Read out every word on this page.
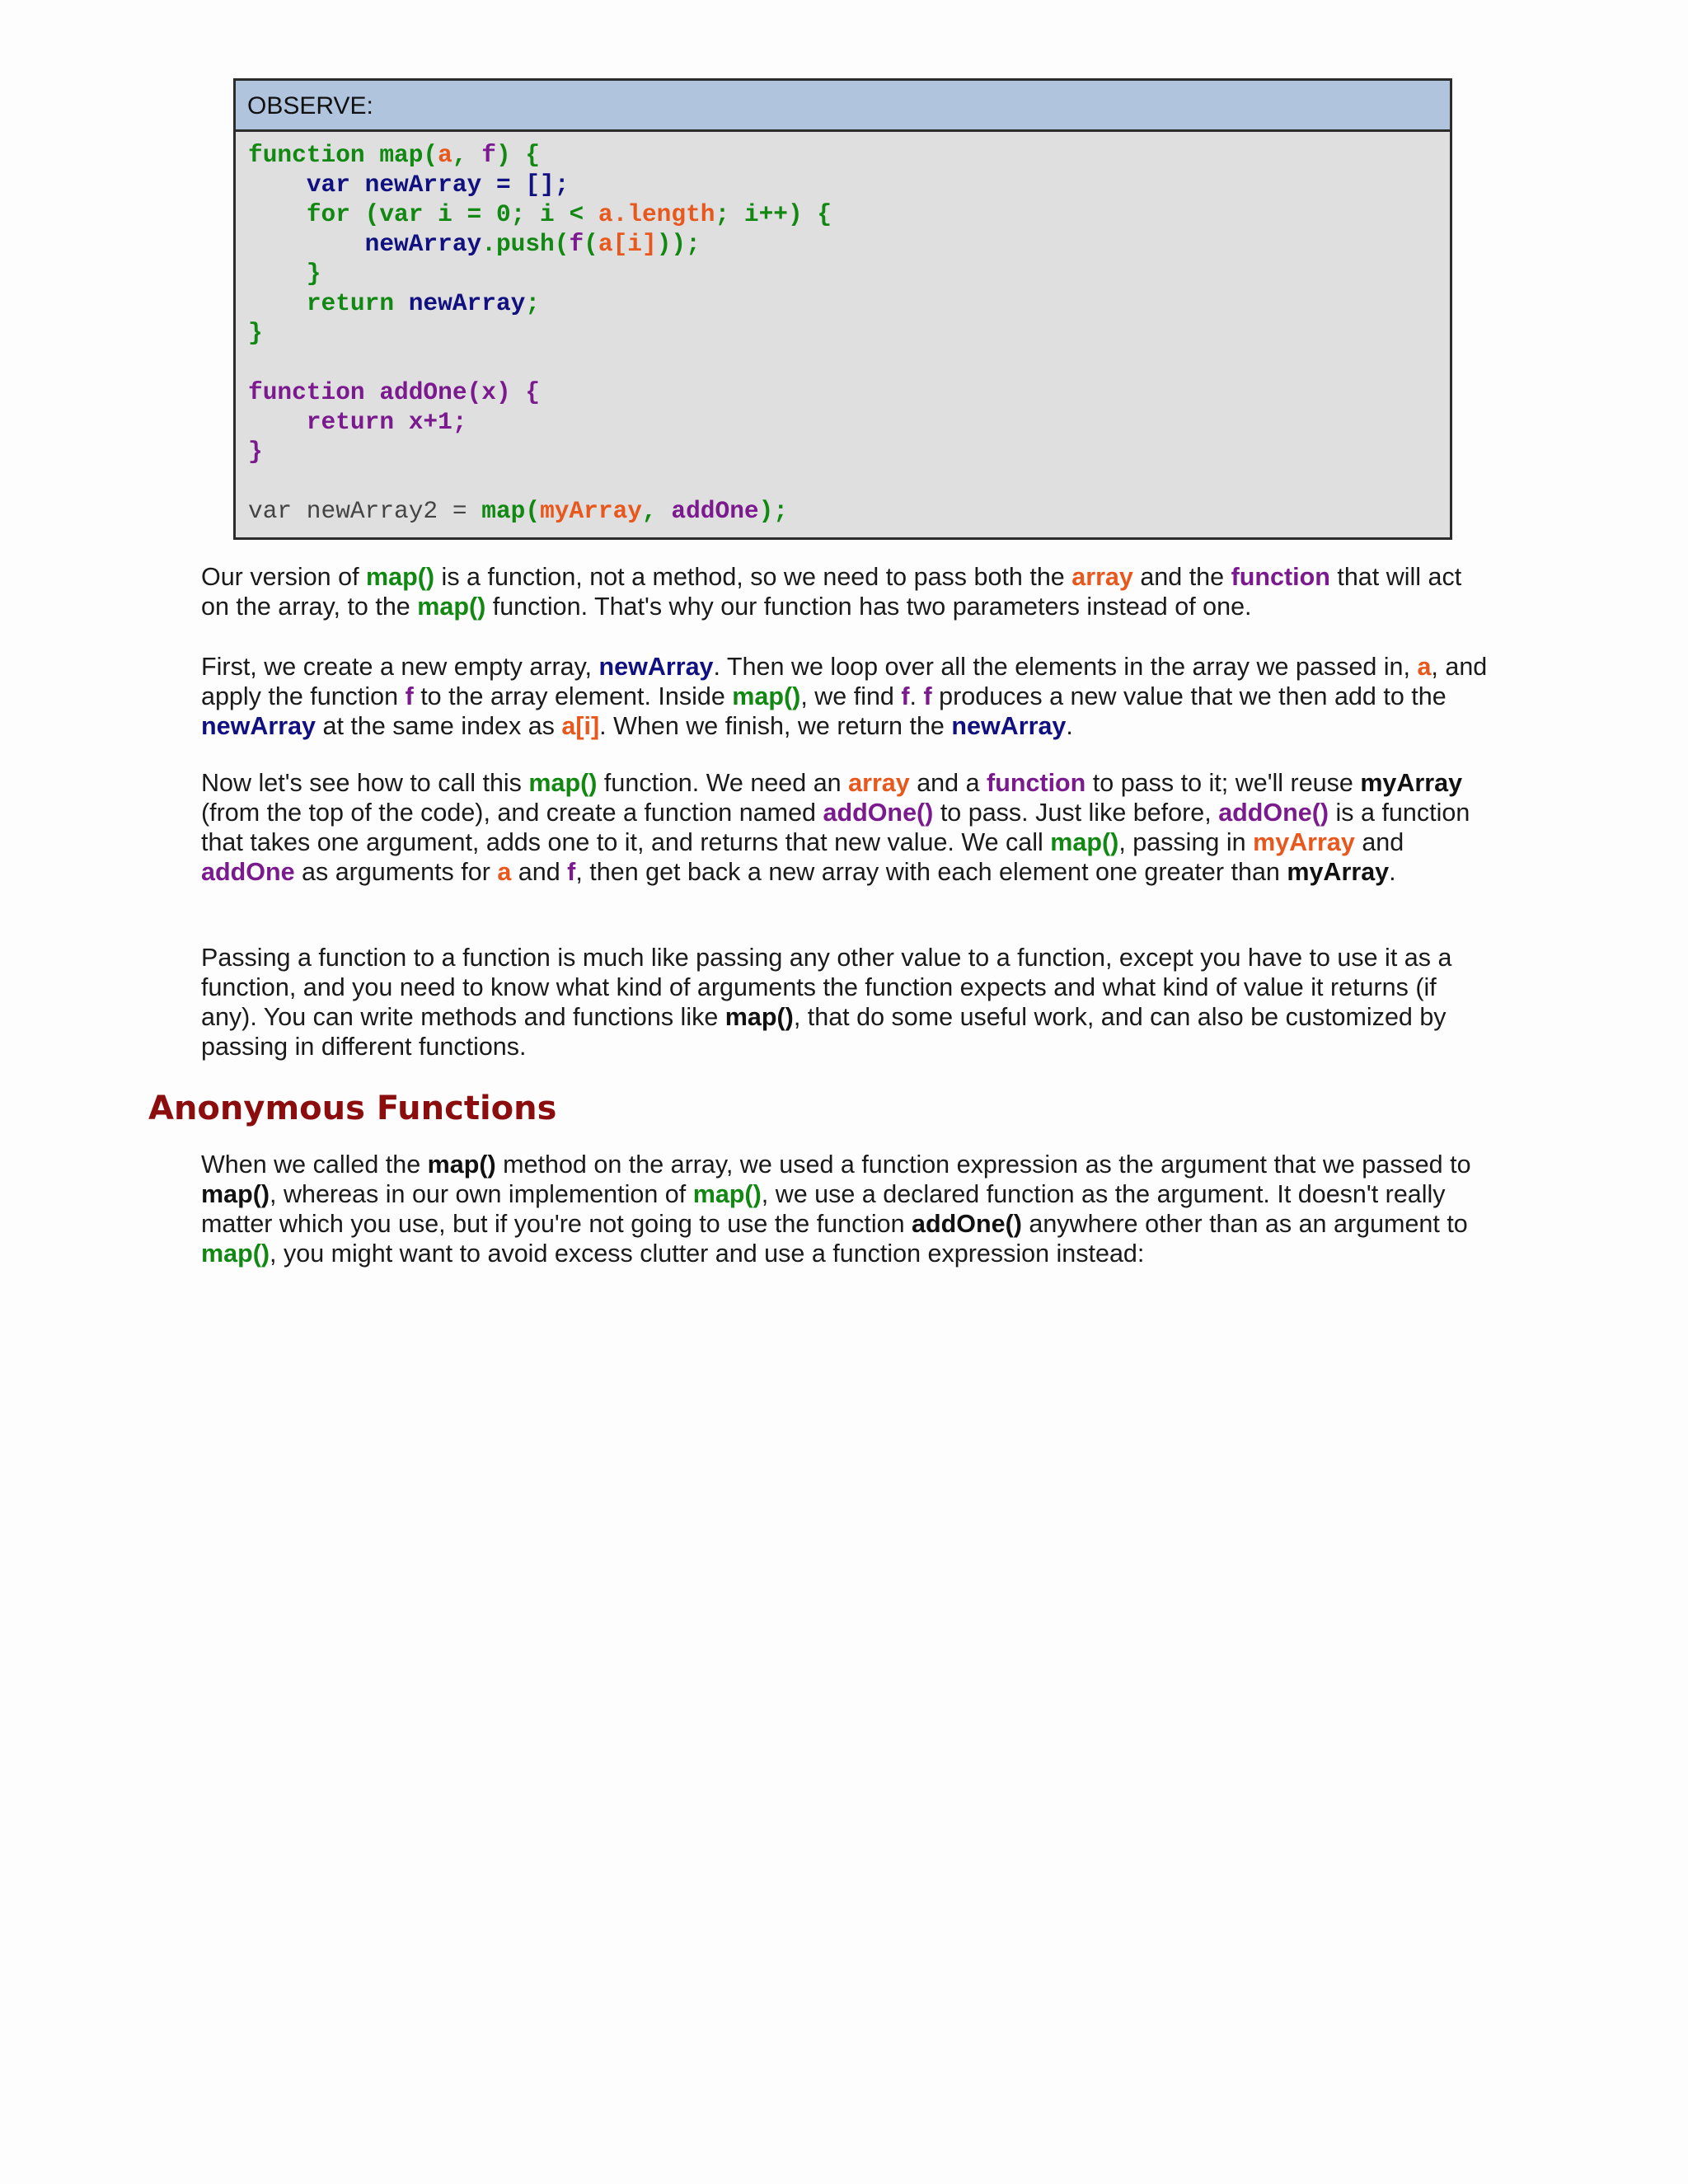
OBSERVE:
function map(a, f) {
var newArray = [];
for (var i = 0; i < a.length; i++) {
newArray.push(f(a[i]));
}
return newArray;
}

function addOne(x) {
return x+1;
}

var newArray2 = map(myArray, addOne);

Our version of map() is a function, not a method, so we need to pass both the array and the function that will act on the array, to the map() function. That's why our function has two parameters instead of one.

First, we create a new empty array, newArray. Then we loop over all the elements in the array we passed in, a, and apply the function f to the array element. Inside map(), we find f. f produces a new value that we then add to the newArray at the same index as a[i]. When we finish, we return the newArray.

Now let's see how to call this map() function. We need an array and a function to pass to it; we'll reuse myArray (from the top of the code), and create a function named addOne() to pass. Just like before, addOne() is a function that takes one argument, adds one to it, and returns that new value. We call map(), passing in myArray and addOne as arguments for a and f, then get back a new array with each element one greater than myArray.

Passing a function to a function is much like passing any other value to a function, except you have to use it as a function, and you need to know what kind of arguments the function expects and what kind of value it returns (if any). You can write methods and functions like map(), that do some useful work, and can also be customized by passing in different functions.

Anonymous Functions

When we called the map() method on the array, we used a function expression as the argument that we passed to map(), whereas in our own implemention of map(), we use a declared function as the argument. It doesn't really matter which you use, but if you're not going to use the function addOne() anywhere other than as an argument to map(), you might want to avoid excess clutter and use a function expression instead:
